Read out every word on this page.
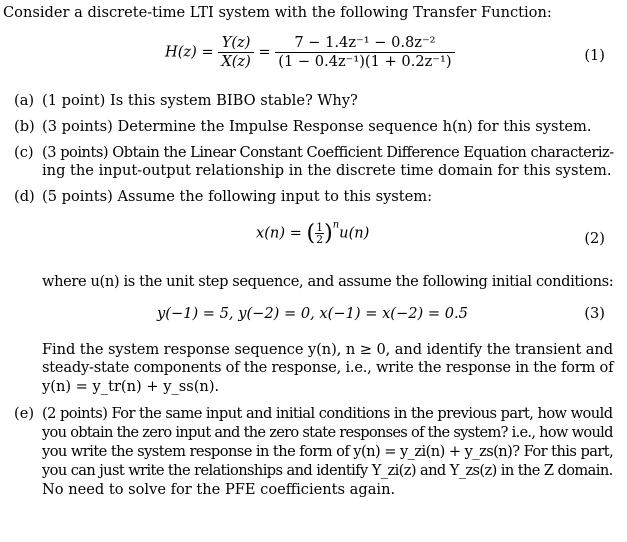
Consider a discrete-time LTI system with the following Transfer Function:
$H(z) = \frac{Y(z)}{X(z)} = \frac{\text{7 − 1.4z⁻¹ − 0.8z⁻²}}{\text{(1 − 0.4z⁻¹)(1 + 0.2z⁻¹)}}$	(1)
(a) (1 point) Is this system BIBO stable? Why?
(b) (3 points) Determine the Impulse Response sequence h(n) for this system.
(c) (3 points) Obtain the Linear Constant Coefficient Difference Equation characteriz-
ing the input-output relationship in the discrete time domain for this system.
(d) (5 points) Assume the following input to this system:
x(n) = ( $\frac{1}{2} )^nu(n)$	(2)
where u(n) is the unit step sequence, and assume the following initial conditions:
y(−1) = 5, y(−2) = 0, x(−1) = x(−2) = 0.5	(3)
Find the system response sequence y(n), n ≥ 0, and identify the transient and
steady-state components of the response, i.e., write the response in the form of
y(n) = y_tr(n) + y_ss(n).
(e) (2 points) For the same input and initial conditions in the previous part, how would
you obtain the zero input and the zero state responses of the system? i.e., how would
you write the system response in the form of y(n) = y_zi(n) + y_zs(n)? For this part,
you can just write the relationships and identify Y_zi(z) and Y_zs(z) in the Z domain.
No need to solve for the PFE coefficients again.
